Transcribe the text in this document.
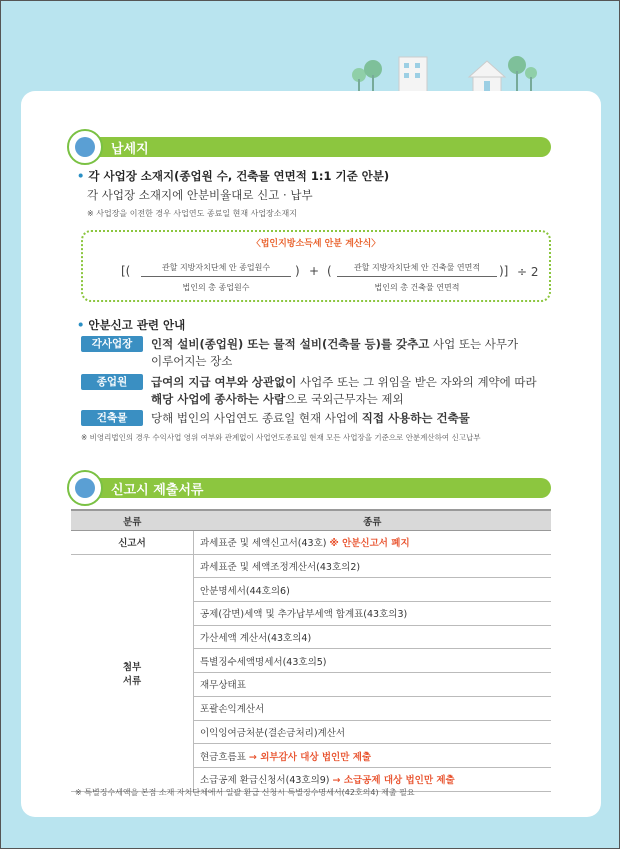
납세지
• 각 사업장 소재지(종업원 수, 건축물 연면적 1:1 기준 안분)
각 사업장 소재지에 안분비율대로 신고 · 납부
※ 사업장을 이전한 경우 사업연도 종료일 현재 사업장소재지
〈법인지방소득세 안분 계산식〉
[(	관할 지방자치단체 안 종업원수
법인의 총 종업원수
) + (	관할 지방자치단체 안 건축물 연면적
법인의 총 건축물 연면적
)] ÷ 2
• 안분신고 관련 안내
각사업장	인적 설비(종업원) 또는 물적 설비(건축물 등)를 갖추고 사업 또는 사무가
이루어지는 장소
종업원	급여의 지급 여부와 상관없이 사업주 또는 그 위임을 받은 자와의 계약에 따라
해당 사업에 종사하는 사람으로 국외근무자는 제외
건축물	당해 법인의 사업연도 종료일 현재 사업에 직접 사용하는 건축물
※ 비영리법인의 경우 수익사업 영위 여부와 관계없이 사업연도종료일 현재 모든 사업장을 기준으로 안분계산하여 신고납부
신고시 제출서류
분류	종류
신고서	과세표준 및 세액신고서(43호) ※ 안분신고서 폐지
첨부
서류	과세표준 및 세액조정계산서(43호의2)
	안분명세서(44호의6)
	공제(감면)세액 및 추가납부세액 합계표(43호의3)
	가산세액 계산서(43호의4)
	특별징수세액명세서(43호의5)
	재무상태표
	포괄손익계산서
	이익잉여금처분(결손금처리)계산서
	현금흐름표 → 외부감사 대상 법인만 제출
	소급공제 환급신청서(43호의9) → 소급공제 대상 법인만 제출
※ 특별징수세액을 본점 소재 자치단체에서 일괄 환급 신청시 특별징수명세서(42호의4) 제출 필요
